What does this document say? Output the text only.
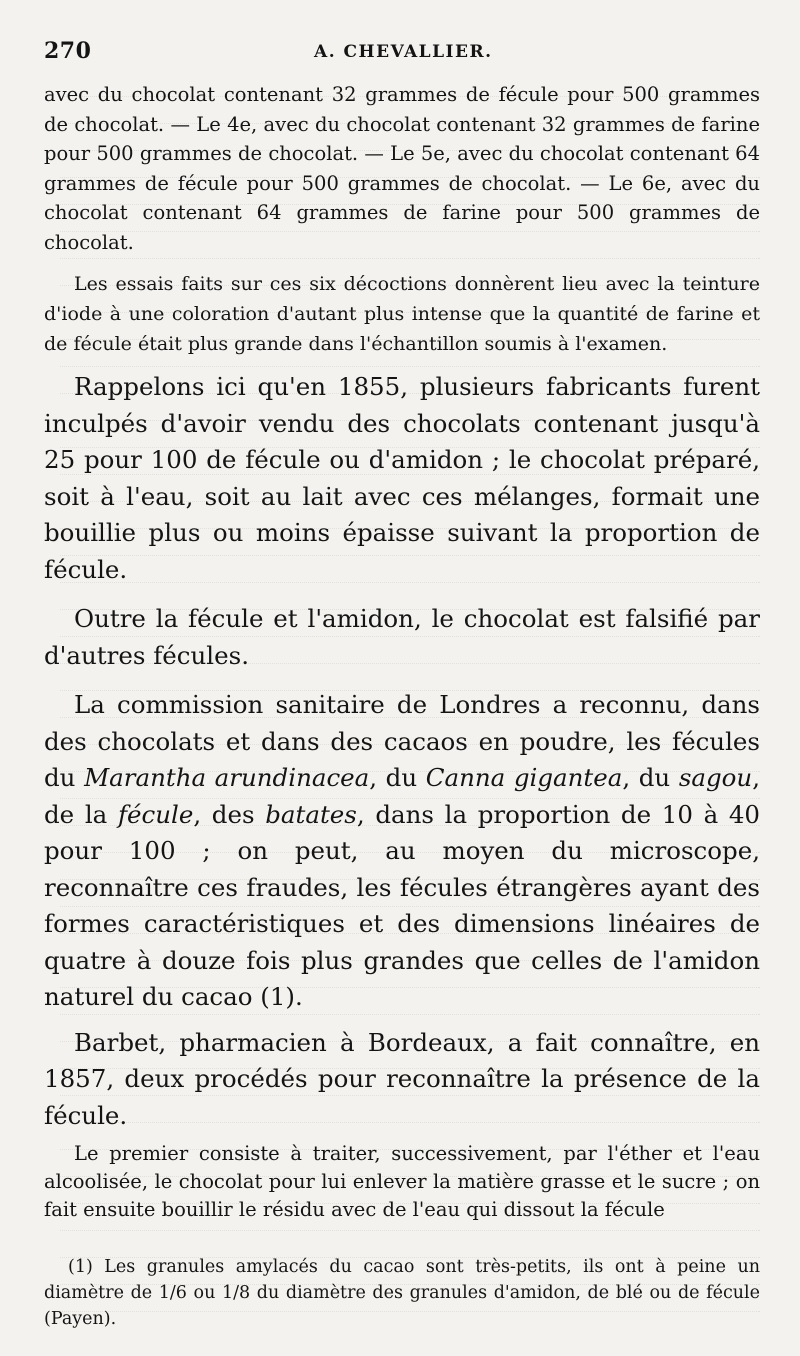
270	A. CHEVALLIER.

avec du chocolat contenant 32 grammes de fécule pour 500 grammes de chocolat. — Le 4e, avec du chocolat contenant 32 grammes de farine pour 500 grammes de chocolat. — Le 5e, avec du chocolat contenant 64 grammes de fécule pour 500 grammes de chocolat. — Le 6e, avec du chocolat contenant 64 grammes de farine pour 500 grammes de chocolat.

Les essais faits sur ces six décoctions donnèrent lieu avec la teinture d'iode à une coloration d'autant plus intense que la quantité de farine et de fécule était plus grande dans l'échantillon soumis à l'examen.

Rappelons ici qu'en 1855, plusieurs fabricants furent inculpés d'avoir vendu des chocolats contenant jusqu'à 25 pour 100 de fécule ou d'amidon ; le chocolat préparé, soit à l'eau, soit au lait avec ces mélanges, formait une bouillie plus ou moins épaisse suivant la proportion de fécule.

Outre la fécule et l'amidon, le chocolat est falsifié par d'autres fécules.

La commission sanitaire de Londres a reconnu, dans des chocolats et dans des cacaos en poudre, les fécules du Marantha arundinacea, du Canna gigantea, du sagou, de la fécule, des batates, dans la proportion de 10 à 40 pour 100 ; on peut, au moyen du microscope, reconnaître ces fraudes, les fécules étrangères ayant des formes caractéristiques et des dimensions linéaires de quatre à douze fois plus grandes que celles de l'amidon naturel du cacao (1).

Barbet, pharmacien à Bordeaux, a fait connaître, en 1857, deux procédés pour reconnaître la présence de la fécule.

Le premier consiste à traiter, successivement, par l'éther et l'eau alcoolisée, le chocolat pour lui enlever la matière grasse et le sucre ; on fait ensuite bouillir le résidu avec de l'eau qui dissout la fécule

(1) Les granules amylacés du cacao sont très-petits, ils ont à peine un diamètre de 1/6 ou 1/8 du diamètre des granules d'amidon, de blé ou de fécule (Payen).
